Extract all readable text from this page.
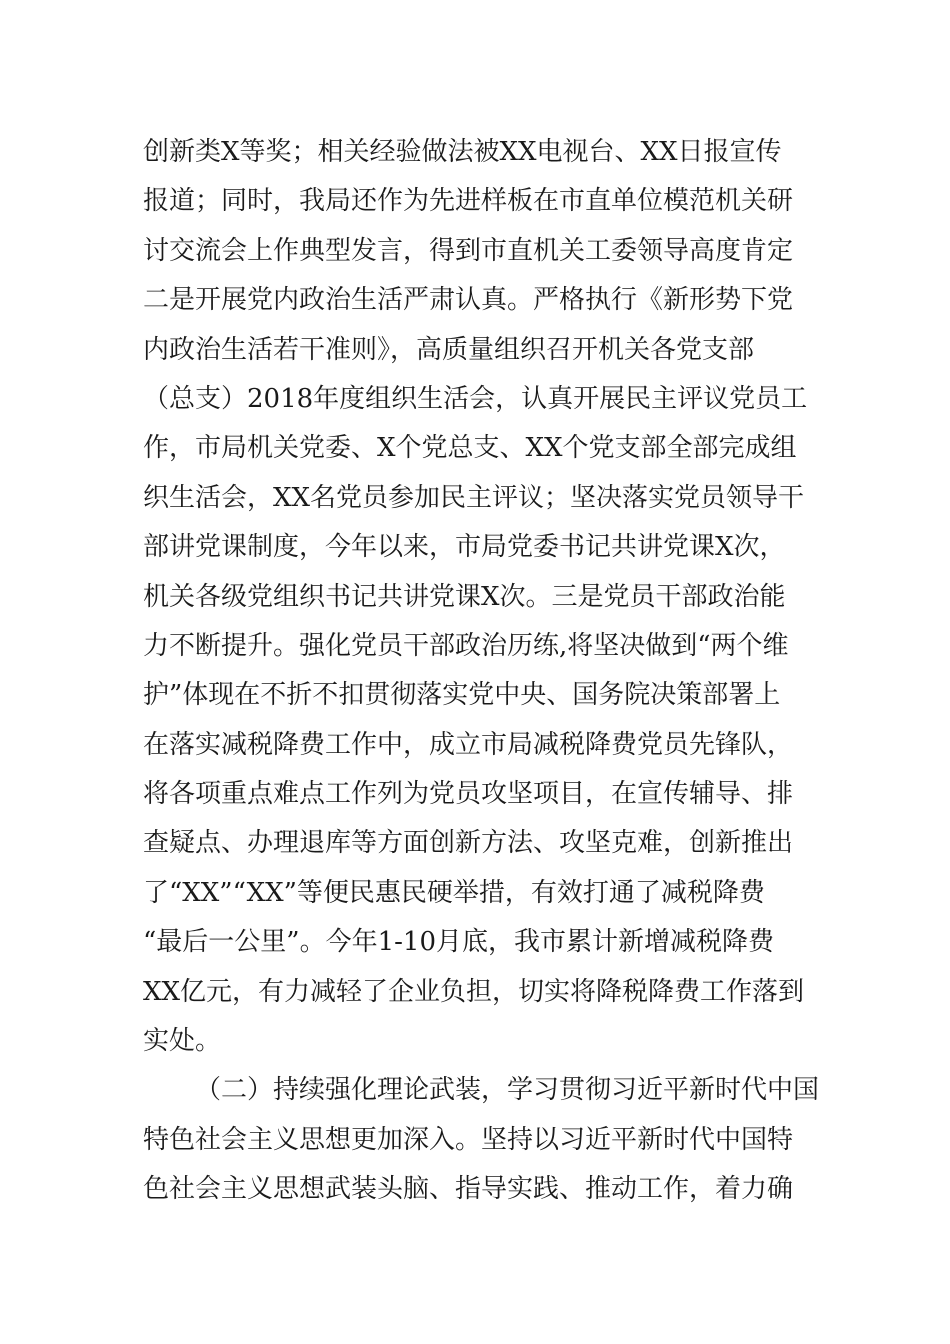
创新类X等奖；相关经验做法被XX电视台、XX日报宣传
报道；同时，我局还作为先进样板在市直单位模范机关研
讨交流会上作典型发言，得到市直机关工委领导高度肯定
二是开展党内政治生活严肃认真。严格执行《新形势下党
内政治生活若干准则》，高质量组织召开机关各党支部
（总支）2018年度组织生活会，认真开展民主评议党员工
作，市局机关党委、X个党总支、XX个党支部全部完成组
织生活会，XX名党员参加民主评议；坚决落实党员领导干
部讲党课制度，今年以来，市局党委书记共讲党课X次，
机关各级党组织书记共讲党课X次。三是党员干部政治能
力不断提升。强化党员干部政治历练,将坚决做到“两个维
护”体现在不折不扣贯彻落实党中央、国务院决策部署上
在落实减税降费工作中，成立市局减税降费党员先锋队，
将各项重点难点工作列为党员攻坚项目，在宣传辅导、排
查疑点、办理退库等方面创新方法、攻坚克难，创新推出
了“XX”“XX”等便民惠民硬举措，有效打通了减税降费
“最后一公里”。今年1-10月底，我市累计新增减税降费
XX亿元，有力减轻了企业负担，切实将降税降费工作落到
实处。
（二）持续强化理论武装，学习贯彻习近平新时代中国
特色社会主义思想更加深入。坚持以习近平新时代中国特
色社会主义思想武装头脑、指导实践、推动工作，着力确
